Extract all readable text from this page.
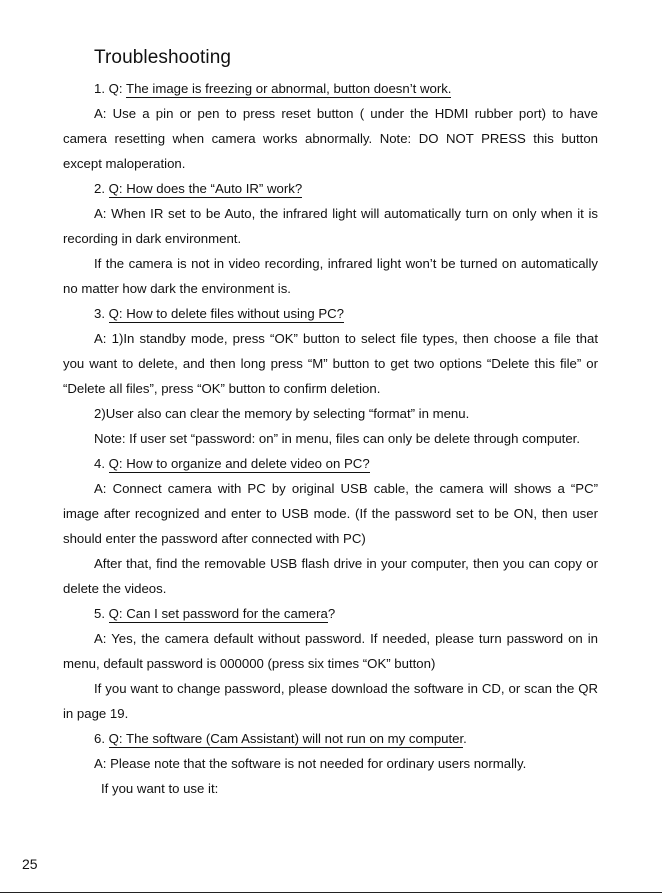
Troubleshooting

1. Q: The image is freezing or abnormal, button doesn’t work.

A: Use a pin or pen to press reset button ( under the HDMI rubber port) to have camera resetting when camera works abnormally. Note: DO NOT PRESS this button except maloperation.

2. Q: How does the “Auto IR” work?

A: When IR set to be Auto, the infrared light will automatically turn on only when it is recording in dark environment.

If the camera is not in video recording, infrared light won’t be turned on automatically no matter how dark the environment is.

3. Q: How to delete files without using PC?

A: 1)In standby mode, press “OK” button to select file types, then choose a file that you want to delete, and then long press “M” button to get two options “Delete this file” or “Delete all files”, press “OK” button to confirm deletion.

2)User also can clear the memory by selecting “format” in menu.

Note: If user set “password: on” in menu, files can only be delete through computer.

4. Q: How to organize and delete video on PC?

A: Connect camera with PC by original USB cable, the camera will shows a “PC” image after recognized and enter to USB mode. (If the password set to be ON, then user should enter the password after connected with PC)

After that, find the removable USB flash drive in your computer, then you can copy or delete the videos.

5. Q: Can I set password for the camera?

A: Yes, the camera default without password. If needed, please turn password on in menu, default password is 000000 (press six times “OK” button)

If you want to change password, please download the software in CD, or scan the QR in page 19.

6. Q: The software (Cam Assistant) will not run on my computer.

A: Please note that the software is not needed for ordinary users normally.

If you want to use it:

25
